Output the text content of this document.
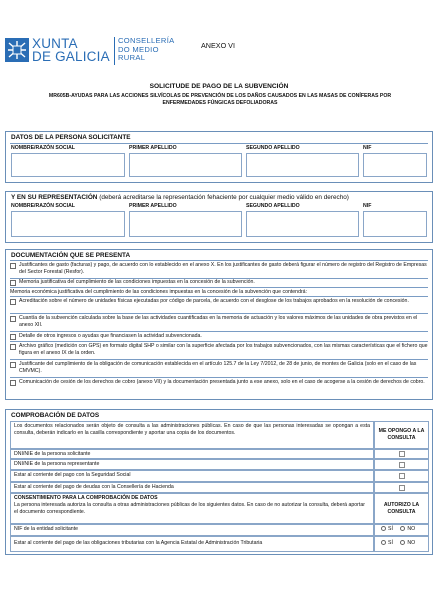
XUNTA
DE GALICIA
CONSELLERÍA
DO MEDIO
RURAL
ANEXO VI
SOLICITUDE DE PAGO DE LA SUBVENCIÓN
MR605B-AYUDAS PARA LAS ACCIONES SILVÍCOLAS DE PREVENCIÓN DE LOS DAÑOS CAUSADOS EN LAS MASAS DE CONÍFERAS POR ENFERMEDADES FÚNGICAS DEFOLIADORAS
DATOS DE LA PERSONA SOLICITANTE
NOMBRE/RAZÓN SOCIAL	PRIMER APELLIDO	SEGUNDO APELLIDO	NIF
Y EN SU REPRESENTACIÓN (deberá acreditarse la representación fehaciente por cualquier medio válido en derecho)
NOMBRE/RAZÓN SOCIAL	PRIMER APELLIDO	SEGUNDO APELLIDO	NIF
DOCUMENTACIÓN QUE SE PRESENTA
Justificantes de gasto (facturas) y pago, de acuerdo con lo establecido en el anexo X. En los justificantes de gasto deberá figurar el número de registro del Registro de Empresas del Sector Forestal (Resfor).
Memoria justificativa del cumplimiento de las condiciones impuestas en la concesión de la subvención.
Memoria económica justificativa del cumplimiento de las condiciones impuestas en la concesión de la subvención que contendrá:
Acreditación sobre el número de unidades físicas ejecutadas por código de parcela, de acuerdo con el desglose de los trabajos aprobados en la resolución de concesión.
Cuantía de la subvención calculada sobre la base de las actividades cuantificadas en la memoria de actuación y los valores máximos de las unidades de obra previstos en el anexo XII.
Detalle de otros ingresos o ayudas que financiasen la actividad subvencionada.
Archivo gráfico (medición con GPS) en formato digital SHP o similar con la superficie afectada por los trabajos subvencionados, con las mismas características que el fichero que figura en el anexo IX de la orden.
Justificante del cumplimiento de la obligación de comunicación establecida en el artículo 125.7 de la Ley 7/2012, de 28 de junio, de montes de Galicia (solo en el caso de las CMVMC).
Comunicación de cesión de los derechos de cobro (anexo VII) y la documentación presentada junto a ese anexo, solo en el caso de acogerse a la cesión de derechos de cobro.
COMPROBACIÓN DE DATOS
Los documentos relacionados serán objeto de consulta a las administraciones públicas. En caso de que las personas interesadas se opongan a esta consulta, deberán indicarlo en la casilla correspondiente y aportar una copia de los documentos.	ME OPONGO A LA CONSULTA
DNI/NIE de la persona solicitante
DNI/NIE de la persona representante
Estar al corriente del pago con la Seguridad Social
Estar al corriente del pago de deudas con la Consellería de Hacienda
CONSENTIMIENTO PARA LA COMPROBACIÓN DE DATOS
La persona interesada autoriza la consulta a otras administraciones públicas de los siguientes datos. En caso de no autorizar la consulta, deberá aportar el documento correspondiente.
AUTORIZO LA CONSULTA
NIF de la entidad solicitante	SÍ	NO
Estar al corriente del pago de las obligaciones tributarias con la Agencia Estatal de Administración Tributaria	SÍ	NO
